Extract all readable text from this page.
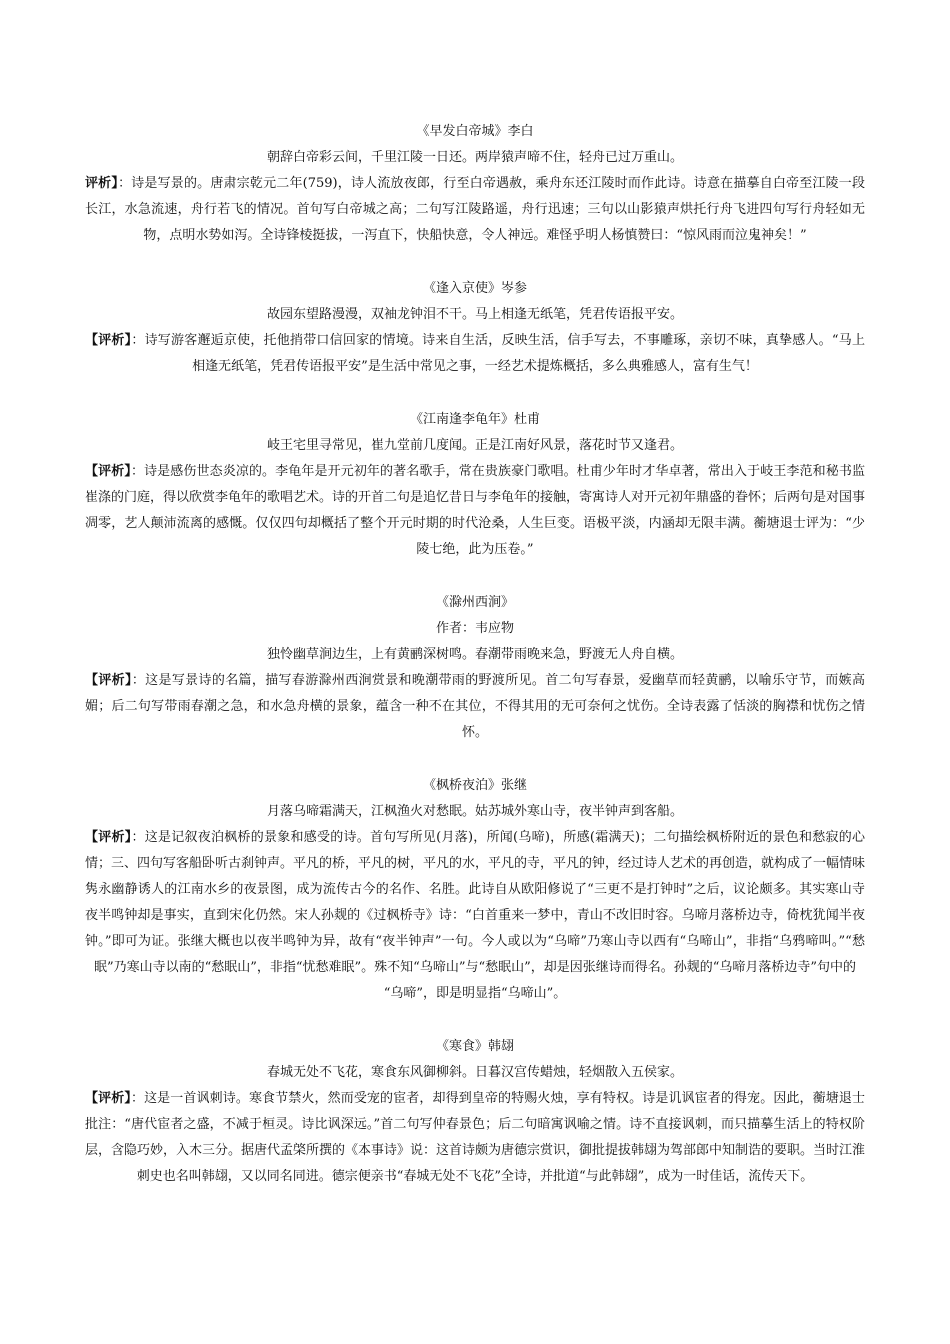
《早发白帝城》李白
朝辞白帝彩云间，千里江陵一日还。两岸猿声啼不住，轻舟已过万重山。
评析】：诗是写景的。唐肃宗乾元二年(759)，诗人流放夜郎，行至白帝遇赦，乘舟东还江陵时而作此诗。诗意在描摹自白帝至江陵一段长江，水急流速，舟行若飞的情况。首句写白帝城之高；二句写江陵路遥，舟行迅速；三句以山影猿声烘托行舟飞进四句写行舟轻如无物，点明水势如泻。全诗锋棱挺拔，一泻直下，快船快意，令人神远。难怪乎明人杨慎赞曰：“惊风雨而泣鬼神矣！”
《逢入京使》岑参
故园东望路漫漫，双袖龙钟泪不干。马上相逢无纸笔，凭君传语报平安。
【评析】：诗写游客邂逅京使，托他捎带口信回家的情境。诗来自生活，反映生活，信手写去，不事雕琢，亲切不味，真挚感人。“马上相逢无纸笔，凭君传语报平安”是生活中常见之事，一经艺术提炼概括，多么典雅感人，富有生气！
《江南逢李龟年》杜甫
岐王宅里寻常见，崔九堂前几度闻。正是江南好风景，落花时节又逢君。
【评析】：诗是感伤世态炎凉的。李龟年是开元初年的著名歌手，常在贵族豪门歌唱。杜甫少年时才华卓著，常出入于岐王李范和秘书监崔涤的门庭，得以欣赏李龟年的歌唱艺术。诗的开首二句是追忆昔日与李龟年的接触，寄寓诗人对开元初年鼎盛的眷怀；后两句是对国事凋零，艺人颠沛流离的感慨。仅仅四句却概括了整个开元时期的时代沧桑，人生巨变。语极平淡，内涵却无限丰满。蘅塘退士评为：“少陵七绝，此为压卷。”
《滁州西涧》
作者：韦应物
独怜幽草涧边生，上有黄鹂深树鸣。春潮带雨晚来急，野渡无人舟自横。
【评析】：这是写景诗的名篇，描写春游滁州西涧赏景和晚潮带雨的野渡所见。首二句写春景，爱幽草而轻黄鹂，以喻乐守节，而嫉高媚；后二句写带雨春潮之急，和水急舟横的景象，蕴含一种不在其位，不得其用的无可奈何之忧伤。全诗表露了恬淡的胸襟和忧伤之情怀。
《枫桥夜泊》张继
月落乌啼霜满天，江枫渔火对愁眠。姑苏城外寒山寺，夜半钟声到客船。
【评析】：这是记叙夜泊枫桥的景象和感受的诗。首句写所见(月落)，所闻(乌啼)，所感(霜满天)；二句描绘枫桥附近的景色和愁寂的心情；三、四句写客船卧听古刹钟声。平凡的桥，平凡的树，平凡的水，平凡的寺，平凡的钟，经过诗人艺术的再创造，就构成了一幅情味隽永幽静诱人的江南水乡的夜景图，成为流传古今的名作、名胜。此诗自从欧阳修说了“三更不是打钟时”之后，议论颇多。其实寒山寺夜半鸣钟却是事实，直到宋化仍然。宋人孙觌的《过枫桥寺》诗：“白首重来一梦中，青山不改旧时容。乌啼月落桥边寺，倚枕犹闻半夜钟。”即可为证。张继大概也以夜半鸣钟为异，故有“夜半钟声”一句。今人或以为“乌啼”乃寒山寺以西有“乌啼山”，非指“乌鸦啼叫。”“愁眠”乃寒山寺以南的“愁眠山”，非指“忧愁难眠”。殊不知“乌啼山”与“愁眠山”，却是因张继诗而得名。孙觌的“乌啼月落桥边寺”句中的
“乌啼”，即是明显指“乌啼山”。
《寒食》韩翃
春城无处不飞花，寒食东风御柳斜。日暮汉宫传蜡烛，轻烟散入五侯家。
【评析】：这是一首讽刺诗。寒食节禁火，然而受宠的宦者，却得到皇帝的特赐火烛，享有特权。诗是讥讽宦者的得宠。因此，蘅塘退士批注：“唐代宦者之盛，不减于桓灵。诗比讽深远。”首二句写仲春景色；后二句暗寓讽喻之情。诗不直接讽刺，而只描摹生活上的特权阶层，含隐巧妙，入木三分。据唐代孟棨所撰的《本事诗》说：这首诗颇为唐德宗赏识，御批提拔韩翃为驾部郎中知制诰的要职。当时江淮刺史也名叫韩翃，又以同名同进。德宗便亲书“春城无处不飞花”全诗，并批道“与此韩翃”，成为一时佳话，流传天下。
